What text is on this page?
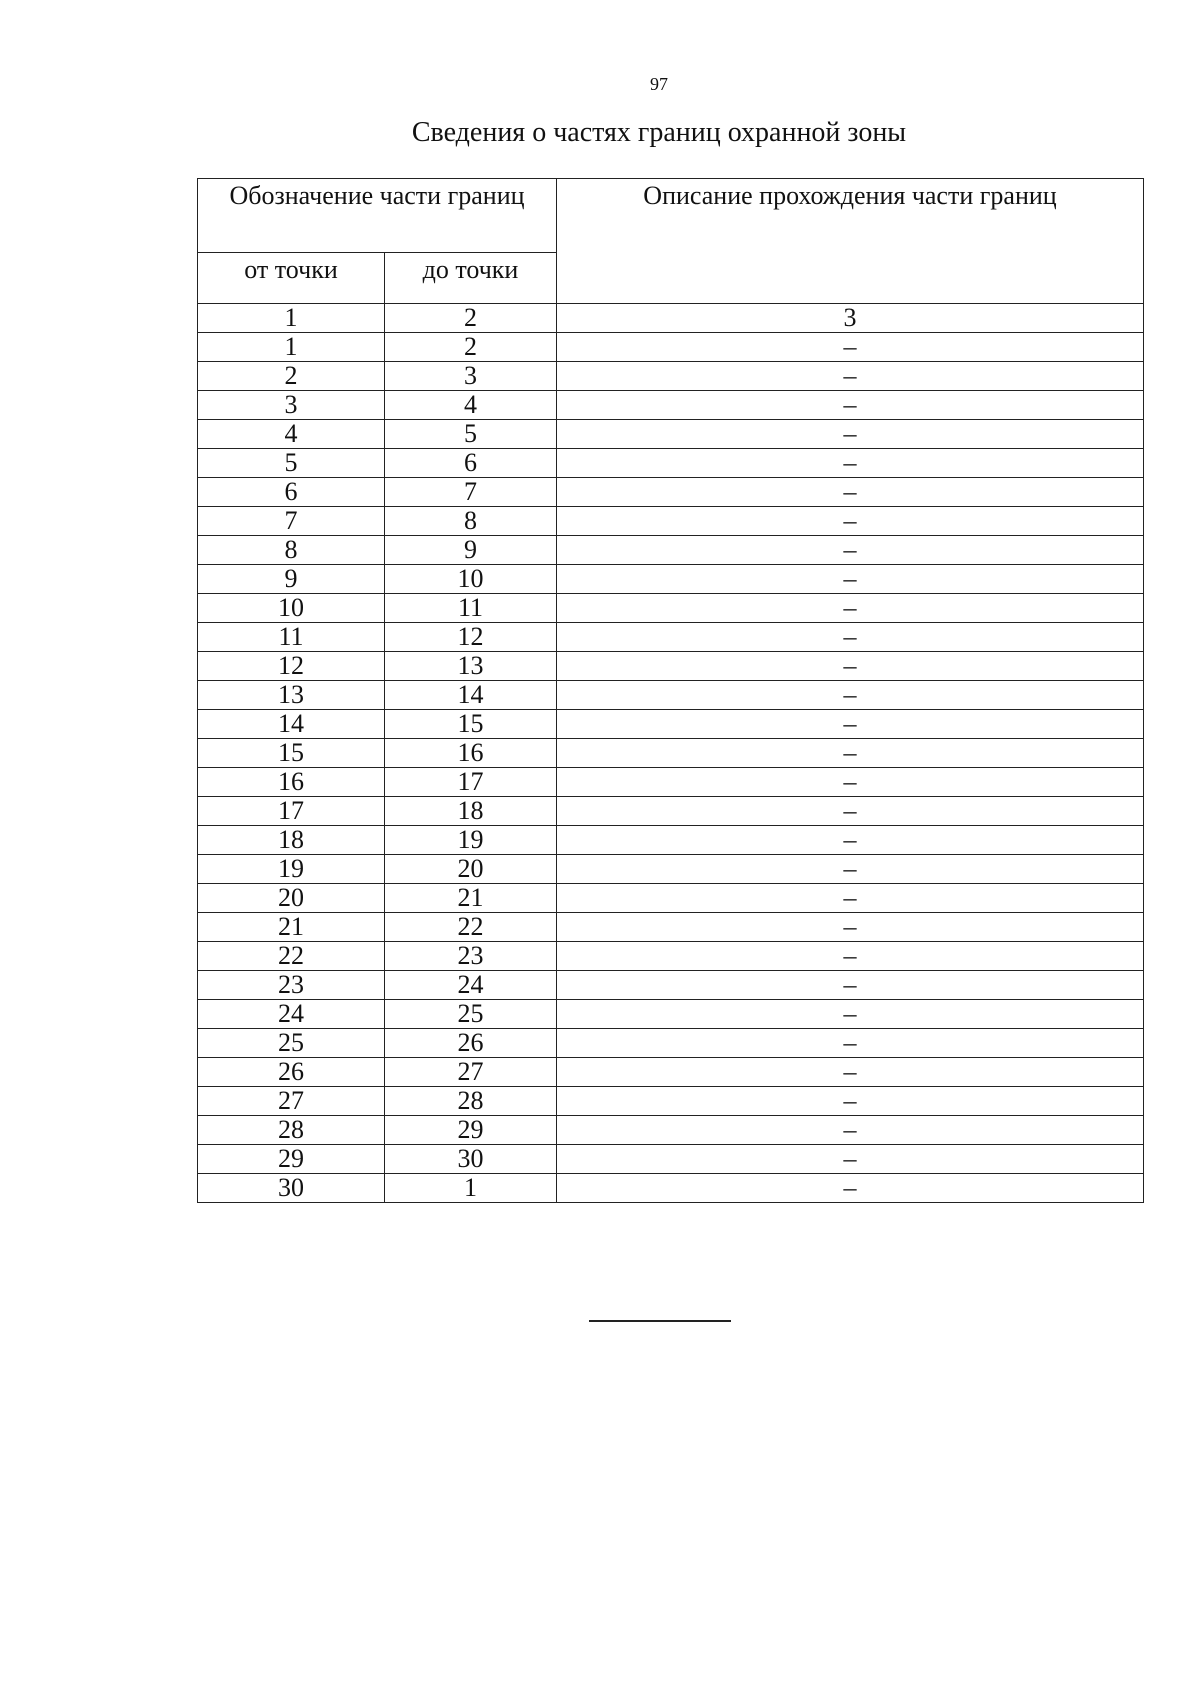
97
Сведения о частях границ охранной зоны
Обозначение части границ		Описание прохождения части границ
от точки	до точки	
1	2	3
1	2	–
2	3	–
3	4	–
4	5	–
5	6	–
6	7	–
7	8	–
8	9	–
9	10	–
10	11	–
11	12	–
12	13	–
13	14	–
14	15	–
15	16	–
16	17	–
17	18	–
18	19	–
19	20	–
20	21	–
21	22	–
22	23	–
23	24	–
24	25	–
25	26	–
26	27	–
27	28	–
28	29	–
29	30	–
30	1	–
